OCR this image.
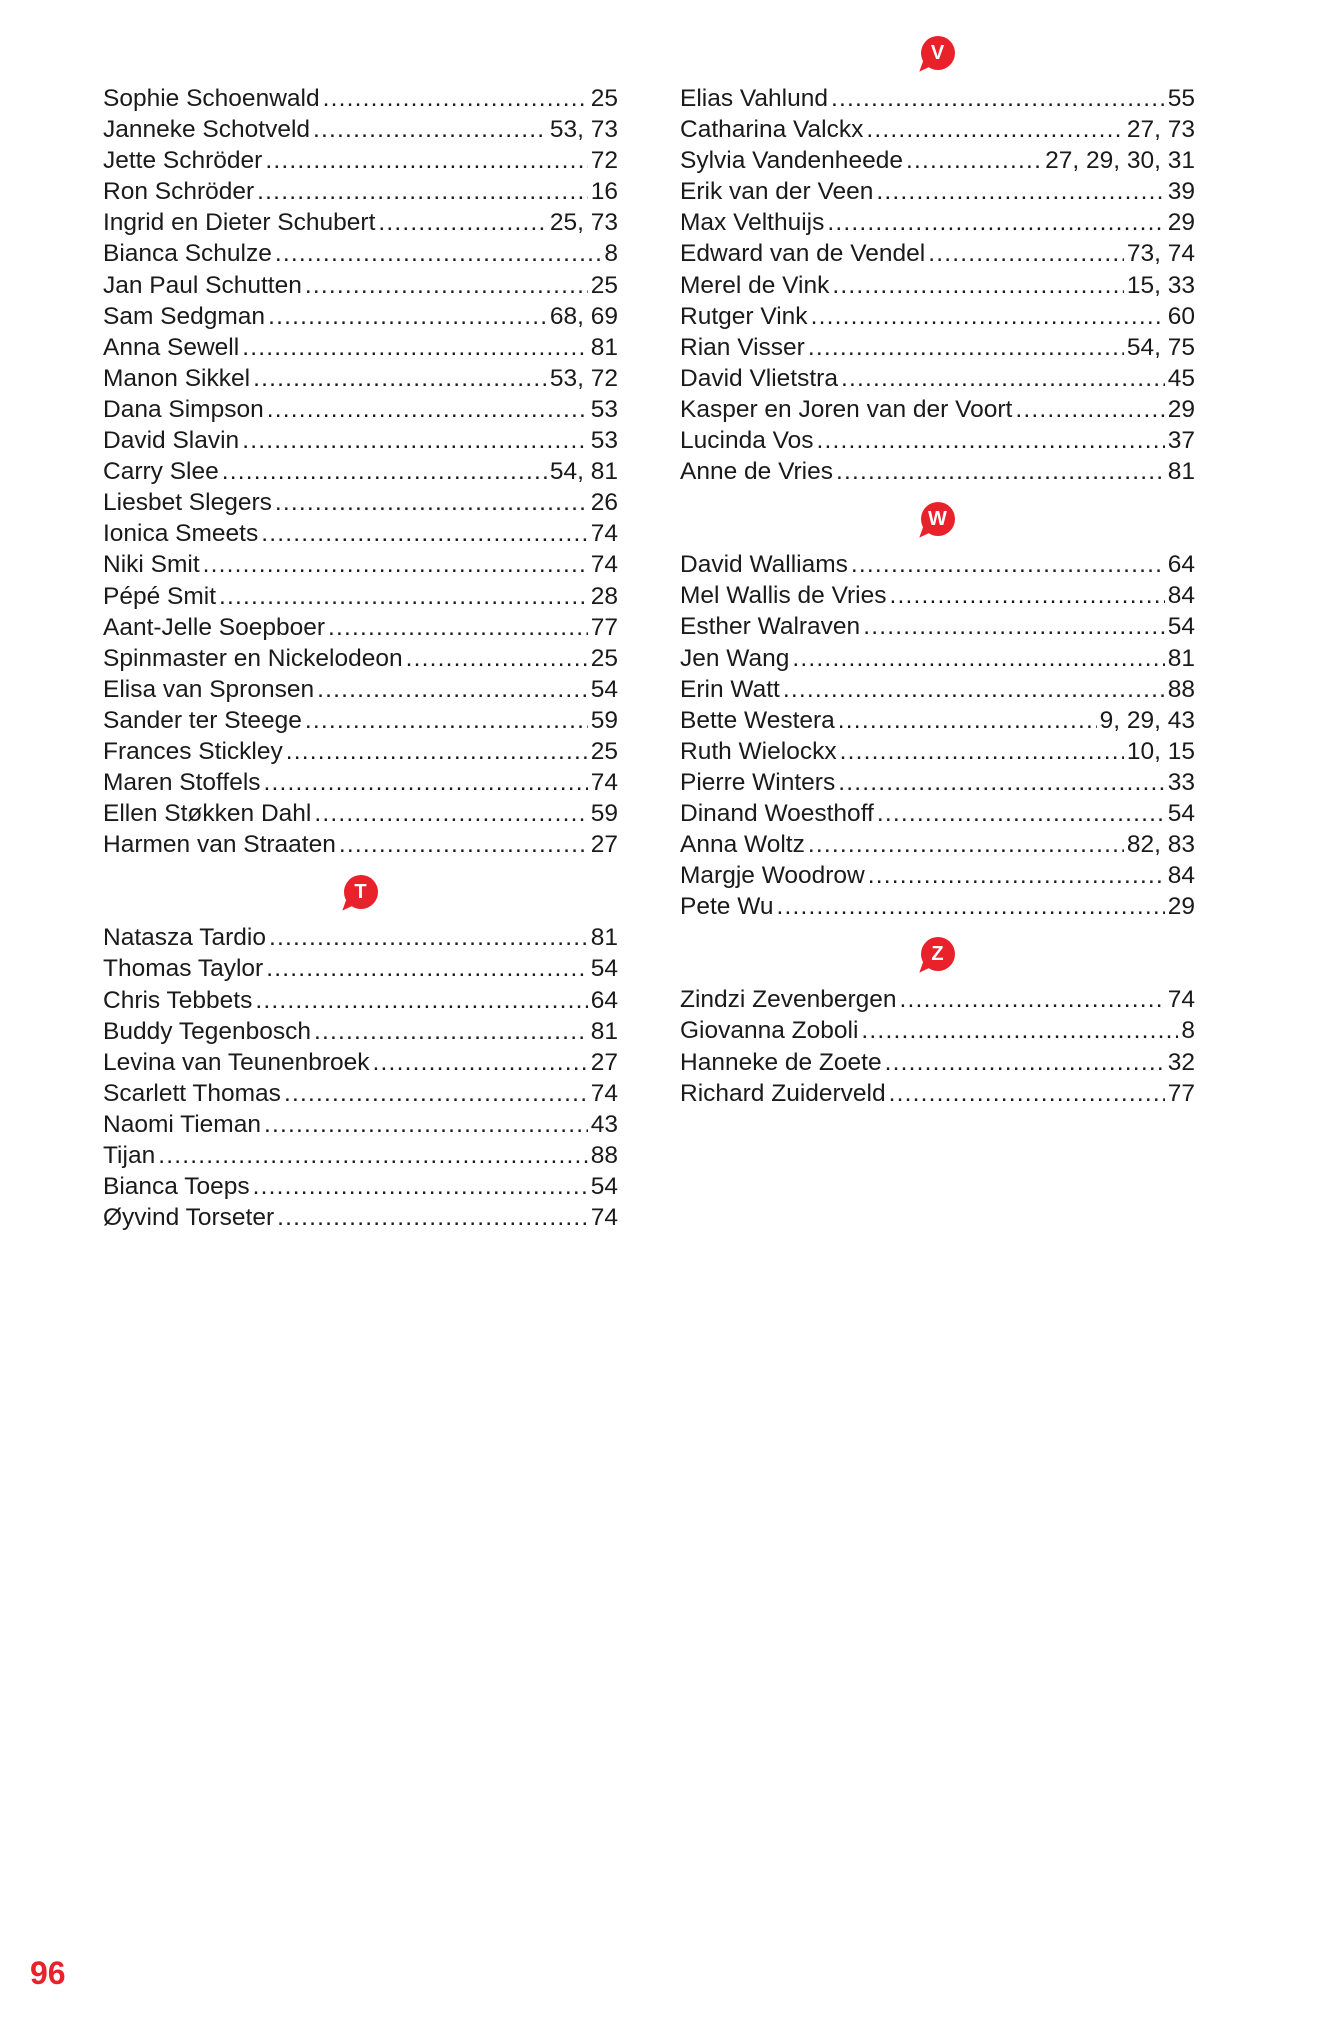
Sophie Schoenwald .....	25
Janneke Schotveld .....	53, 73
Jette Schröder .....	72
Ron Schröder .....	16
Ingrid en Dieter Schubert .....	25, 73
Bianca Schulze .....	8
Jan Paul Schutten .....	25
Sam Sedgman .....	68, 69
Anna Sewell .....	81
Manon Sikkel .....	53, 72
Dana Simpson .....	53
David Slavin .....	53
Carry Slee .....	54, 81
Liesbet Slegers .....	26
Ionica Smeets .....	74
Niki Smit .....	74
Pépé Smit .....	28
Aant-Jelle Soepboer .....	77
Spinmaster en Nickelodeon .....	25
Elisa van Spronsen .....	54
Sander ter Steege .....	59
Frances Stickley .....	25
Maren Stoffels .....	74
Ellen Støkken Dahl .....	59
Harmen van Straaten .....	27
T
Natasza Tardio .....	81
Thomas Taylor .....	54
Chris Tebbets .....	64
Buddy Tegenbosch .....	81
Levina van Teunenbroek .....	27
Scarlett Thomas .....	74
Naomi Tieman .....	43
Tijan .....	88
Bianca Toeps .....	54
Øyvind Torseter .....	74
V
Elias Vahlund .....	55
Catharina Valckx .....	27, 73
Sylvia Vandenheede .....	27, 29, 30, 31
Erik van der Veen .....	39
Max Velthuijs .....	29
Edward van de Vendel .....	73, 74
Merel de Vink .....	15, 33
Rutger Vink .....	60
Rian Visser .....	54, 75
David Vlietstra .....	45
Kasper en Joren van der Voort .....	29
Lucinda Vos .....	37
Anne de Vries .....	81
W
David Walliams .....	64
Mel Wallis de Vries .....	84
Esther Walraven .....	54
Jen Wang .....	81
Erin Watt .....	88
Bette Westera .....	9, 29, 43
Ruth Wielockx .....	10, 15
Pierre Winters .....	33
Dinand Woesthoff .....	54
Anna Woltz .....	82, 83
Margje Woodrow .....	84
Pete Wu .....	29
Z
Zindzi Zevenbergen .....	74
Giovanna Zoboli .....	8
Hanneke de Zoete .....	32
Richard Zuiderveld .....	77
96
